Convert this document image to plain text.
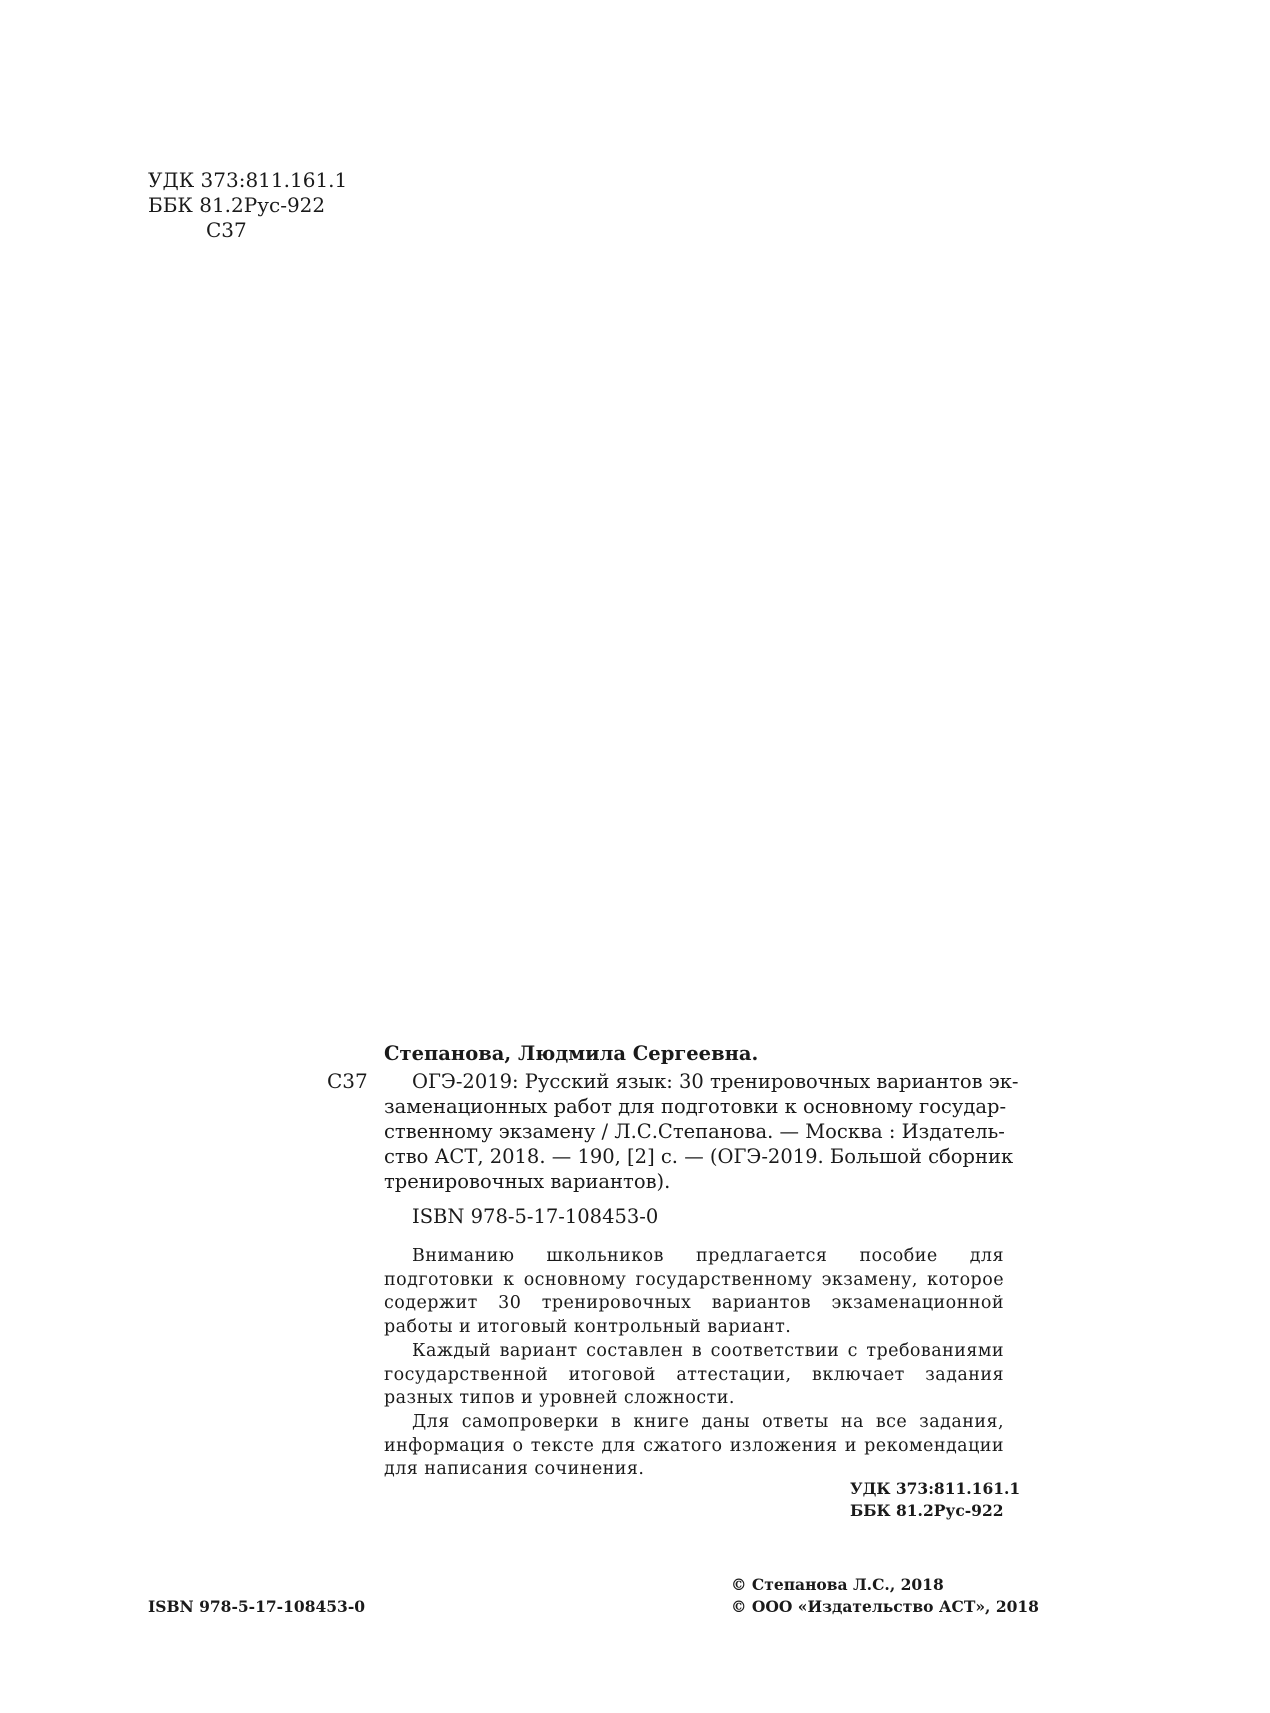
УДК 373:811.161.1
ББК 81.2Рус-922
С37
С37
Степанова, Людмила Сергеевна.
ОГЭ-2019: Русский язык: 30 тренировочных вариантов эк-
заменационных работ для подготовки к основному государ-
ственному экзамену / Л.С.Степанова. — Москва : Издатель-
ство АСТ, 2018. — 190, [2] с. — (ОГЭ-2019. Большой сборник
тренировочных вариантов).
ISBN 978-5-17-108453-0

Вниманию школьников предлагается пособие для подготовки к основному государственному экзамену, которое содержит 30 тренировочных вариантов экзаменационной работы и итоговый контрольный вариант.

Каждый вариант составлен в соответствии с требованиями государственной итоговой аттестации, включает задания разных типов и уровней сложности.

Для самопроверки в книге даны ответы на все задания, информация о тексте для сжатого изложения и рекомендации для написания сочинения.

УДК 373:811.161.1
ББК 81.2Рус-922
ISBN 978-5-17-108453-0
© Степанова Л.С., 2018
© ООО «Издательство АСТ», 2018
